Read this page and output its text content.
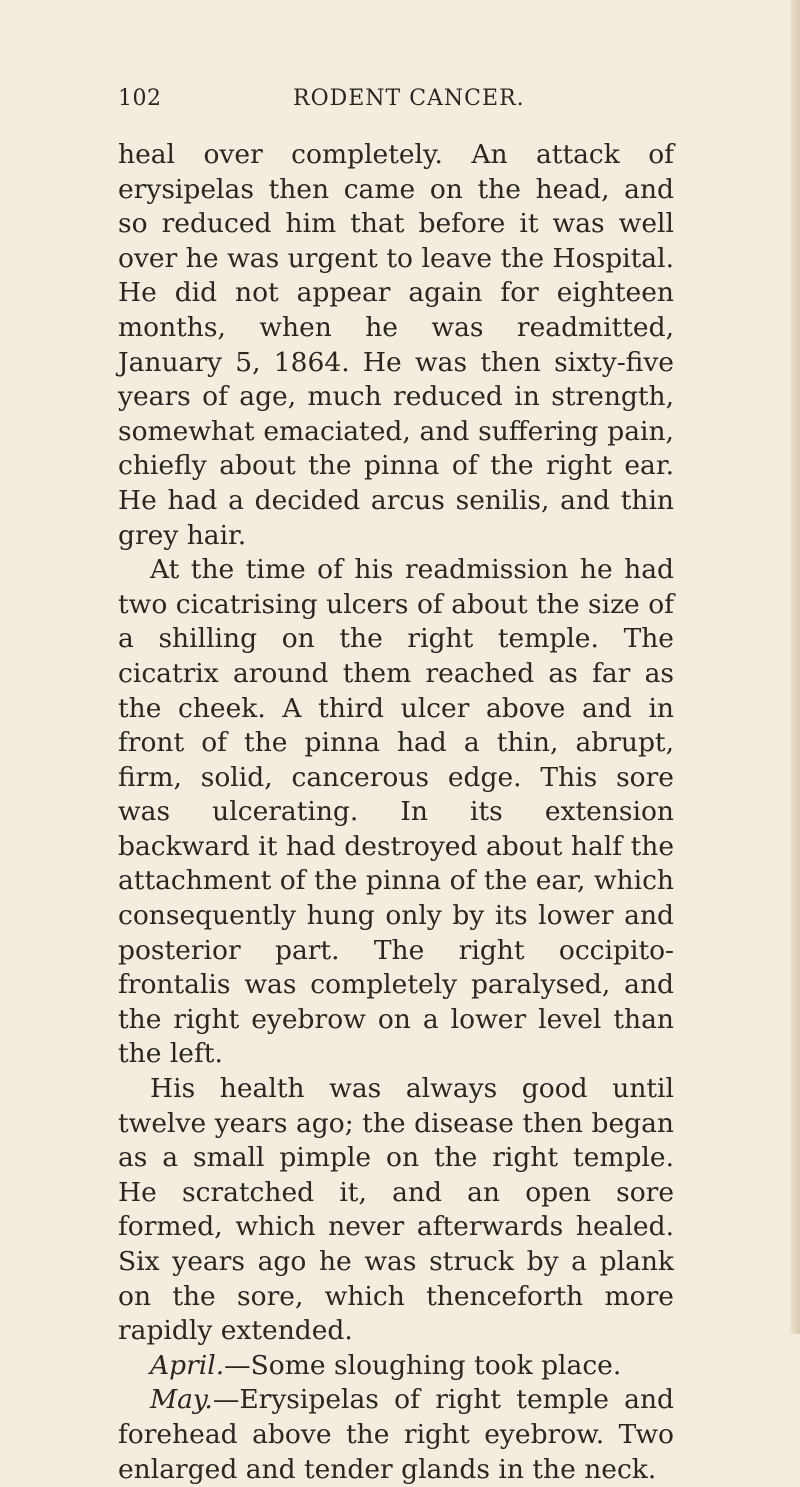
102	RODENT CANCER.

heal over completely. An attack of erysipelas then came on the head, and so reduced him that before it was well over he was urgent to leave the Hospital. He did not appear again for eighteen months, when he was readmitted, January 5, 1864. He was then sixty-five years of age, much reduced in strength, somewhat emaciated, and suffering pain, chiefly about the pinna of the right ear. He had a decided arcus senilis, and thin grey hair.

At the time of his readmission he had two cicatrising ulcers of about the size of a shilling on the right temple. The cicatrix around them reached as far as the cheek. A third ulcer above and in front of the pinna had a thin, abrupt, firm, solid, cancerous edge. This sore was ulcerating. In its extension backward it had destroyed about half the attachment of the pinna of the ear, which consequently hung only by its lower and posterior part. The right occipito-frontalis was completely paralysed, and the right eyebrow on a lower level than the left.

His health was always good until twelve years ago; the disease then began as a small pimple on the right temple. He scratched it, and an open sore formed, which never afterwards healed. Six years ago he was struck by a plank on the sore, which thenceforth more rapidly extended.

April.—Some sloughing took place.

May.—Erysipelas of right temple and forehead above the right eyebrow. Two enlarged and tender glands in the neck.
